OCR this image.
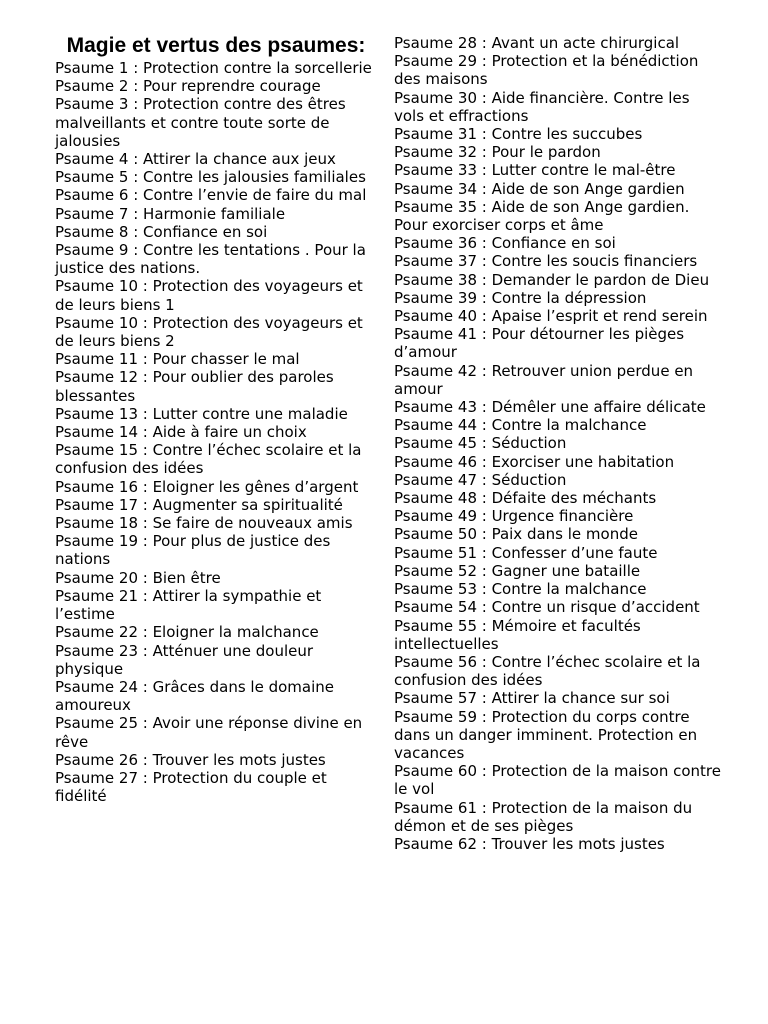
Magie et vertus des psaumes:
Psaume 1 : Protection contre la sorcellerie
Psaume 2 : Pour reprendre courage
Psaume 3 : Protection contre des êtres malveillants et contre toute sorte de jalousies
Psaume 4 : Attirer la chance aux jeux
Psaume 5 : Contre les jalousies familiales
Psaume 6 : Contre l’envie de faire du mal
Psaume 7 : Harmonie familiale
Psaume 8 : Confiance en soi
Psaume 9 : Contre les tentations . Pour la justice des nations.
Psaume 10 : Protection des voyageurs et de leurs biens 1
Psaume 10 : Protection des voyageurs et de leurs biens 2
Psaume 11 : Pour chasser le mal
Psaume 12 : Pour oublier des paroles blessantes
Psaume 13 : Lutter contre une maladie
Psaume 14 : Aide à faire un choix
Psaume 15 : Contre l’échec scolaire et la confusion des idées
Psaume 16 : Eloigner les gênes d’argent
Psaume 17 : Augmenter sa spiritualité
Psaume 18 : Se faire de nouveaux amis
Psaume 19 : Pour plus de justice des nations
Psaume 20 : Bien être
Psaume 21 : Attirer la sympathie et l’estime
Psaume 22 : Eloigner la malchance
Psaume 23 : Atténuer une douleur physique
Psaume 24 : Grâces dans le domaine amoureux
Psaume 25 : Avoir une réponse divine en rêve
Psaume 26 : Trouver les mots justes
Psaume 27 : Protection du couple et fidélité
Psaume 28 : Avant un acte chirurgical
Psaume 29 : Protection et la bénédiction des maisons
Psaume 30 : Aide financière. Contre les vols et effractions
Psaume 31 : Contre les succubes
Psaume 32 : Pour le pardon
Psaume 33 : Lutter contre le mal-être
Psaume 34 : Aide de son Ange gardien
Psaume 35 : Aide de son Ange gardien. Pour exorciser corps et âme
Psaume 36 : Confiance en soi
Psaume 37 : Contre les soucis financiers
Psaume 38 : Demander le pardon de Dieu
Psaume 39 : Contre la dépression
Psaume 40 : Apaise l’esprit et rend serein
Psaume 41 : Pour détourner les pièges d’amour
Psaume 42 : Retrouver union perdue en amour
Psaume 43 : Démêler une affaire délicate
Psaume 44 : Contre la malchance
Psaume 45 : Séduction
Psaume 46 : Exorciser une habitation
Psaume 47 : Séduction
Psaume 48 : Défaite des méchants
Psaume 49 : Urgence financière
Psaume 50 : Paix dans le monde
Psaume 51 : Confesser d’une faute
Psaume 52 : Gagner une bataille
Psaume 53 : Contre la malchance
Psaume 54 : Contre un risque d’accident
Psaume 55 : Mémoire et facultés intellectuelles
Psaume 56 : Contre l’échec scolaire et la confusion des idées
Psaume 57 : Attirer la chance sur soi
Psaume 59 : Protection du corps contre dans un danger imminent. Protection en vacances
Psaume 60 : Protection de la maison contre le vol
Psaume 61 : Protection de la maison du démon et de ses pièges
Psaume 62 : Trouver les mots justes
